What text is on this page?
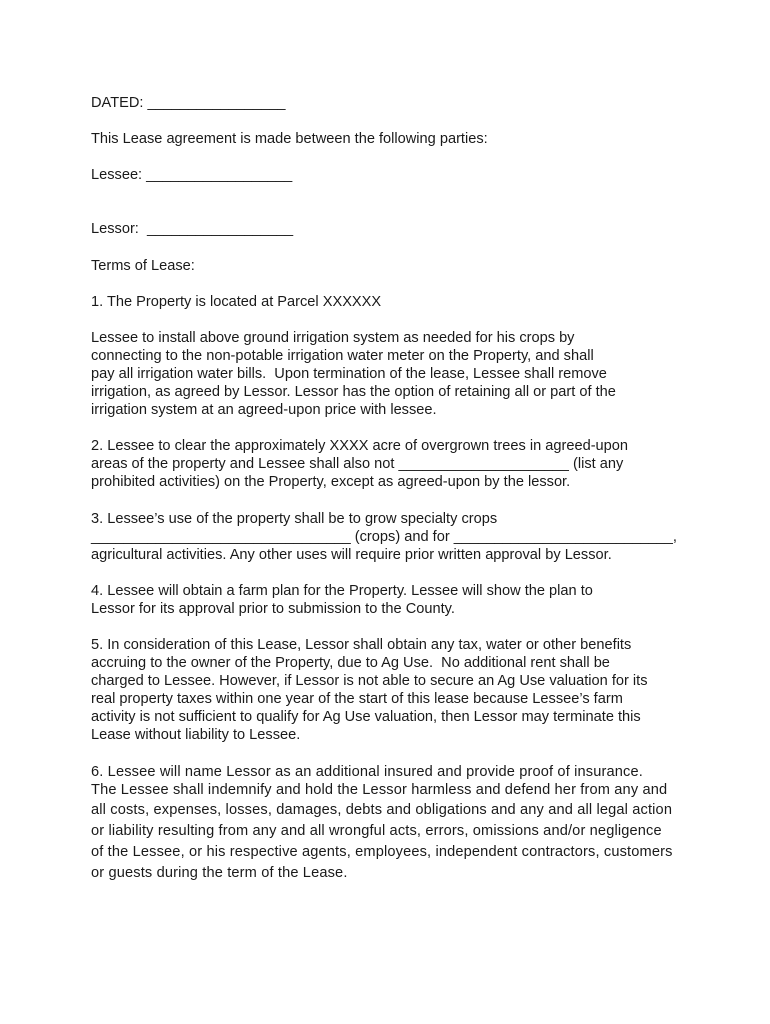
DATED: _________________
This Lease agreement is made between the following parties:
Lessee: __________________
Lessor:  __________________
Terms of Lease:
1. The Property is located at Parcel XXXXXX
Lessee to install above ground irrigation system as needed for his crops by
connecting to the non-potable irrigation water meter on the Property, and shall
pay all irrigation water bills.  Upon termination of the lease, Lessee shall remove
irrigation, as agreed by Lessor. Lessor has the option of retaining all or part of the
irrigation system at an agreed-upon price with lessee.
2. Lessee to clear the approximately XXXX acre of overgrown trees in agreed-upon
areas of the property and Lessee shall also not _____________________ (list any
prohibited activities) on the Property, except as agreed-upon by the lessor.
3. Lessee’s use of the property shall be to grow specialty crops
________________________________ (crops) and for ___________________________,
agricultural activities. Any other uses will require prior written approval by Lessor.
4. Lessee will obtain a farm plan for the Property. Lessee will show the plan to
Lessor for its approval prior to submission to the County.
5. In consideration of this Lease, Lessor shall obtain any tax, water or other benefits
accruing to the owner of the Property, due to Ag Use.  No additional rent shall be
charged to Lessee. However, if Lessor is not able to secure an Ag Use valuation for its
real property taxes within one year of the start of this lease because Lessee’s farm
activity is not sufficient to qualify for Ag Use valuation, then Lessor may terminate this
Lease without liability to Lessee.
6. Lessee will name Lessor as an additional insured and provide proof of insurance.
The Lessee shall indemnify and hold the Lessor harmless and defend her from any and
all costs, expenses, losses, damages, debts and obligations and any and all legal action
or liability resulting from any and all wrongful acts, errors, omissions and/or negligence
of the Lessee, or his respective agents, employees, independent contractors, customers
or guests during the term of the Lease.
